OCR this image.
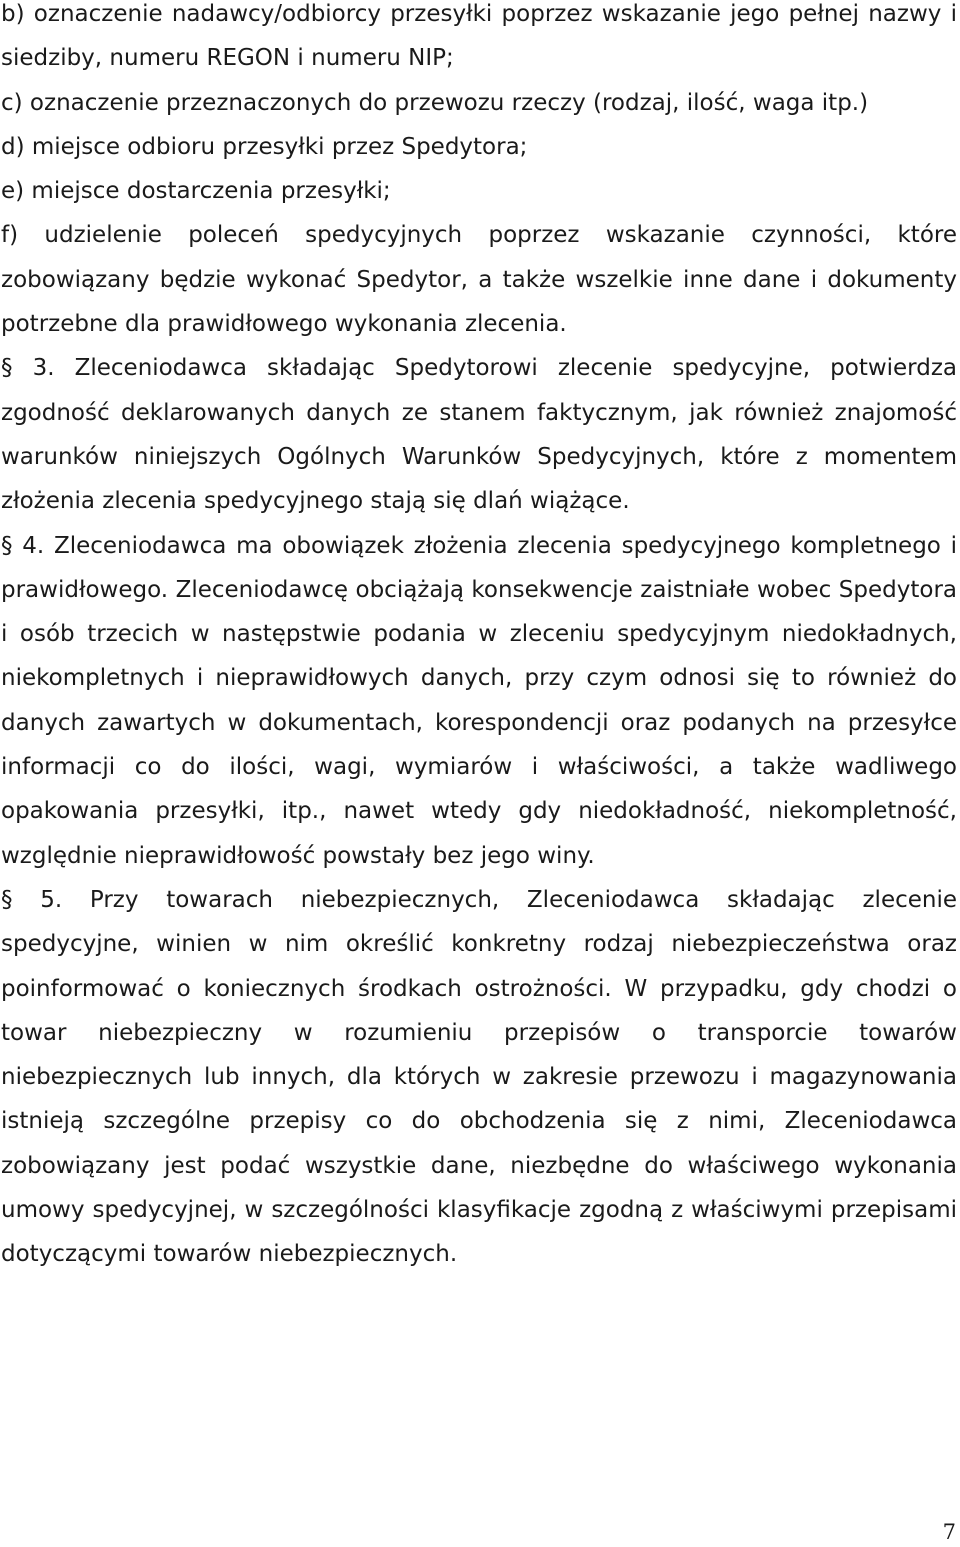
b) oznaczenie nadawcy/odbiorcy przesyłki poprzez wskazanie jego pełnej nazwy i siedziby, numeru REGON i numeru NIP;

c) oznaczenie przeznaczonych do przewozu rzeczy (rodzaj, ilość, waga itp.)

d) miejsce odbioru przesyłki przez Spedytora;

e) miejsce dostarczenia przesyłki;

f) udzielenie poleceń spedycyjnych poprzez wskazanie czynności, które zobowiązany będzie wykonać Spedytor, a także wszelkie inne dane i dokumenty potrzebne dla prawidłowego wykonania zlecenia.

§ 3. Zleceniodawca składając Spedytorowi zlecenie spedycyjne, potwierdza zgodność deklarowanych danych ze stanem faktycznym, jak również znajomość warunków niniejszych Ogólnych Warunków Spedycyjnych, które z momentem złożenia zlecenia spedycyjnego stają się dlań wiążące.

§ 4. Zleceniodawca ma obowiązek złożenia zlecenia spedycyjnego kompletnego i prawidłowego. Zleceniodawcę obciążają konsekwencje zaistniałe wobec Spedytora i osób trzecich w następstwie podania w zleceniu spedycyjnym niedokładnych, niekompletnych i nieprawidłowych danych, przy czym odnosi się to również do danych zawartych w dokumentach, korespondencji oraz podanych na przesyłce informacji co do ilości, wagi, wymiarów i właściwości, a także wadliwego opakowania przesyłki, itp., nawet wtedy gdy niedokładność, niekompletność, względnie nieprawidłowość powstały bez jego winy.

§ 5. Przy towarach niebezpiecznych, Zleceniodawca składając zlecenie spedycyjne, winien w nim określić konkretny rodzaj niebezpieczeństwa oraz poinformować o koniecznych środkach ostrożności. W przypadku, gdy chodzi o towar niebezpieczny w rozumieniu przepisów o transporcie towarów niebezpiecznych lub innych, dla których w zakresie przewozu i magazynowania istnieją szczególne przepisy co do obchodzenia się z nimi, Zleceniodawca zobowiązany jest podać wszystkie dane, niezbędne do właściwego wykonania umowy spedycyjnej, w szczególności klasyfikacje zgodną z właściwymi przepisami dotyczącymi towarów niebezpiecznych.

7
